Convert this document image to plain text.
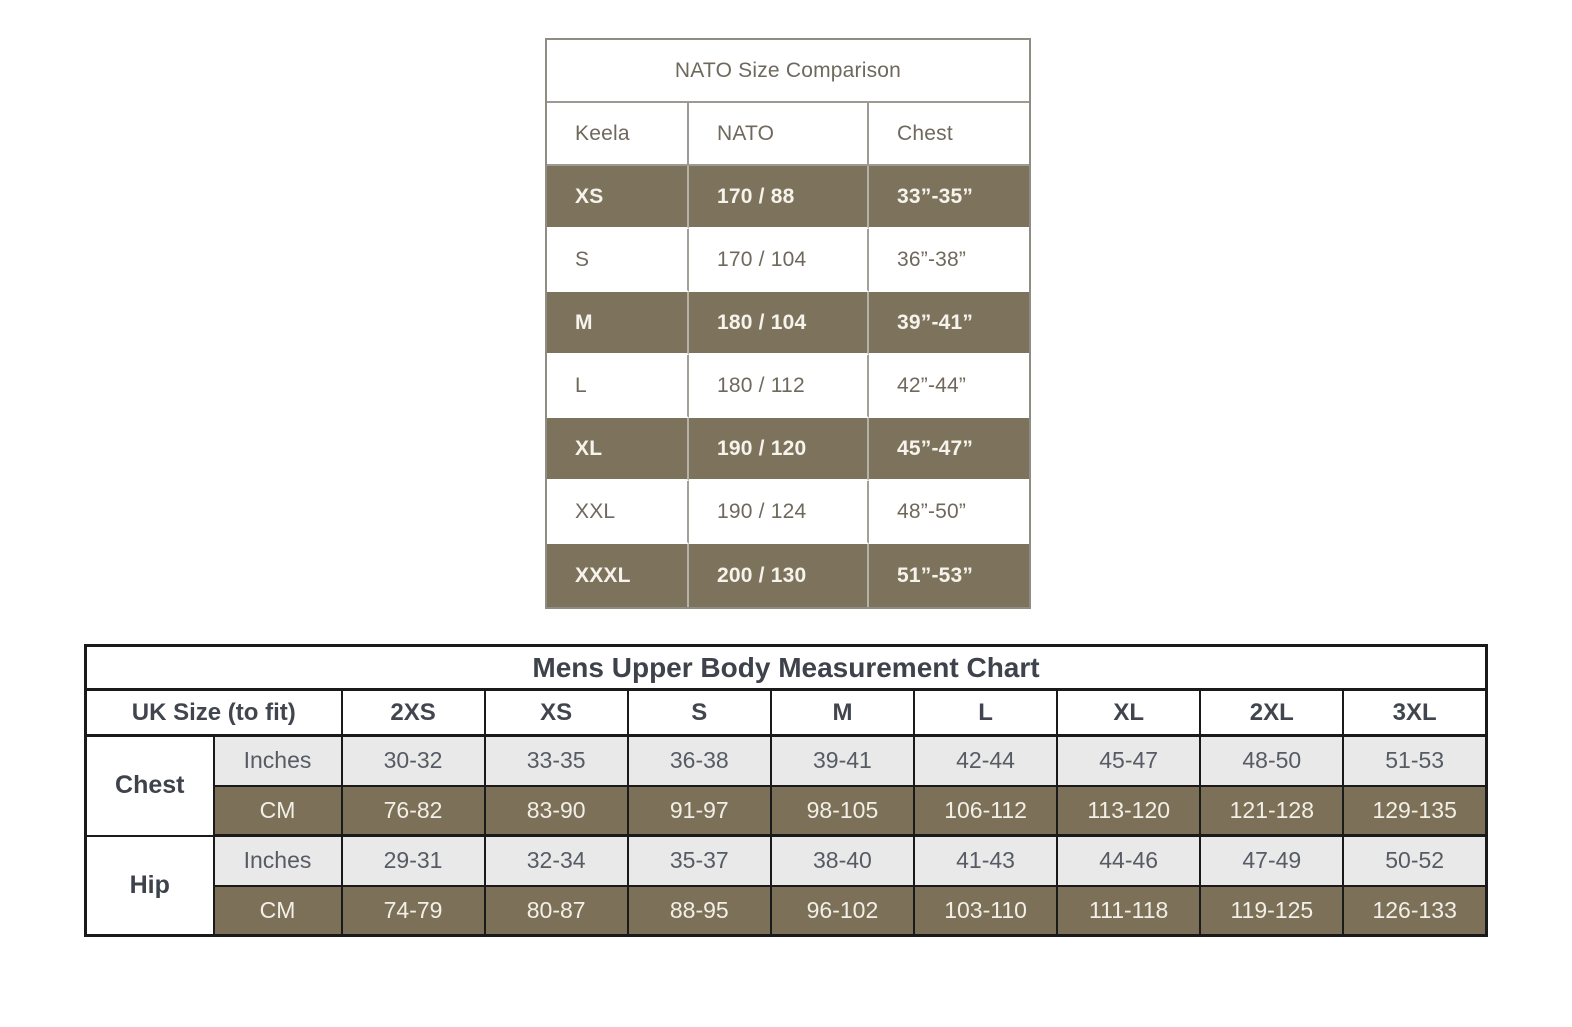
NATO Size Comparison		
Keela	NATO	Chest
XS	170 / 88	33”-35”
S	170 / 104	36”-38”
M	180 / 104	39”-41”
L	180 / 112	42”-44”
XL	190 / 120	45”-47”
XXL	190 / 124	48”-50”
XXXL	200 / 130	51”-53”
Mens Upper Body Measurement Chart									
UK Size (to fit)		2XS	XS	S	M	L	XL	2XL	3XL
Chest	Inches	30-32	33-35	36-38	39-41	42-44	45-47	48-50	51-53
	CM	76-82	83-90	91-97	98-105	106-112	113-120	121-128	129-135
Hip	Inches	29-31	32-34	35-37	38-40	41-43	44-46	47-49	50-52
	CM	74-79	80-87	88-95	96-102	103-110	111-118	119-125	126-133
